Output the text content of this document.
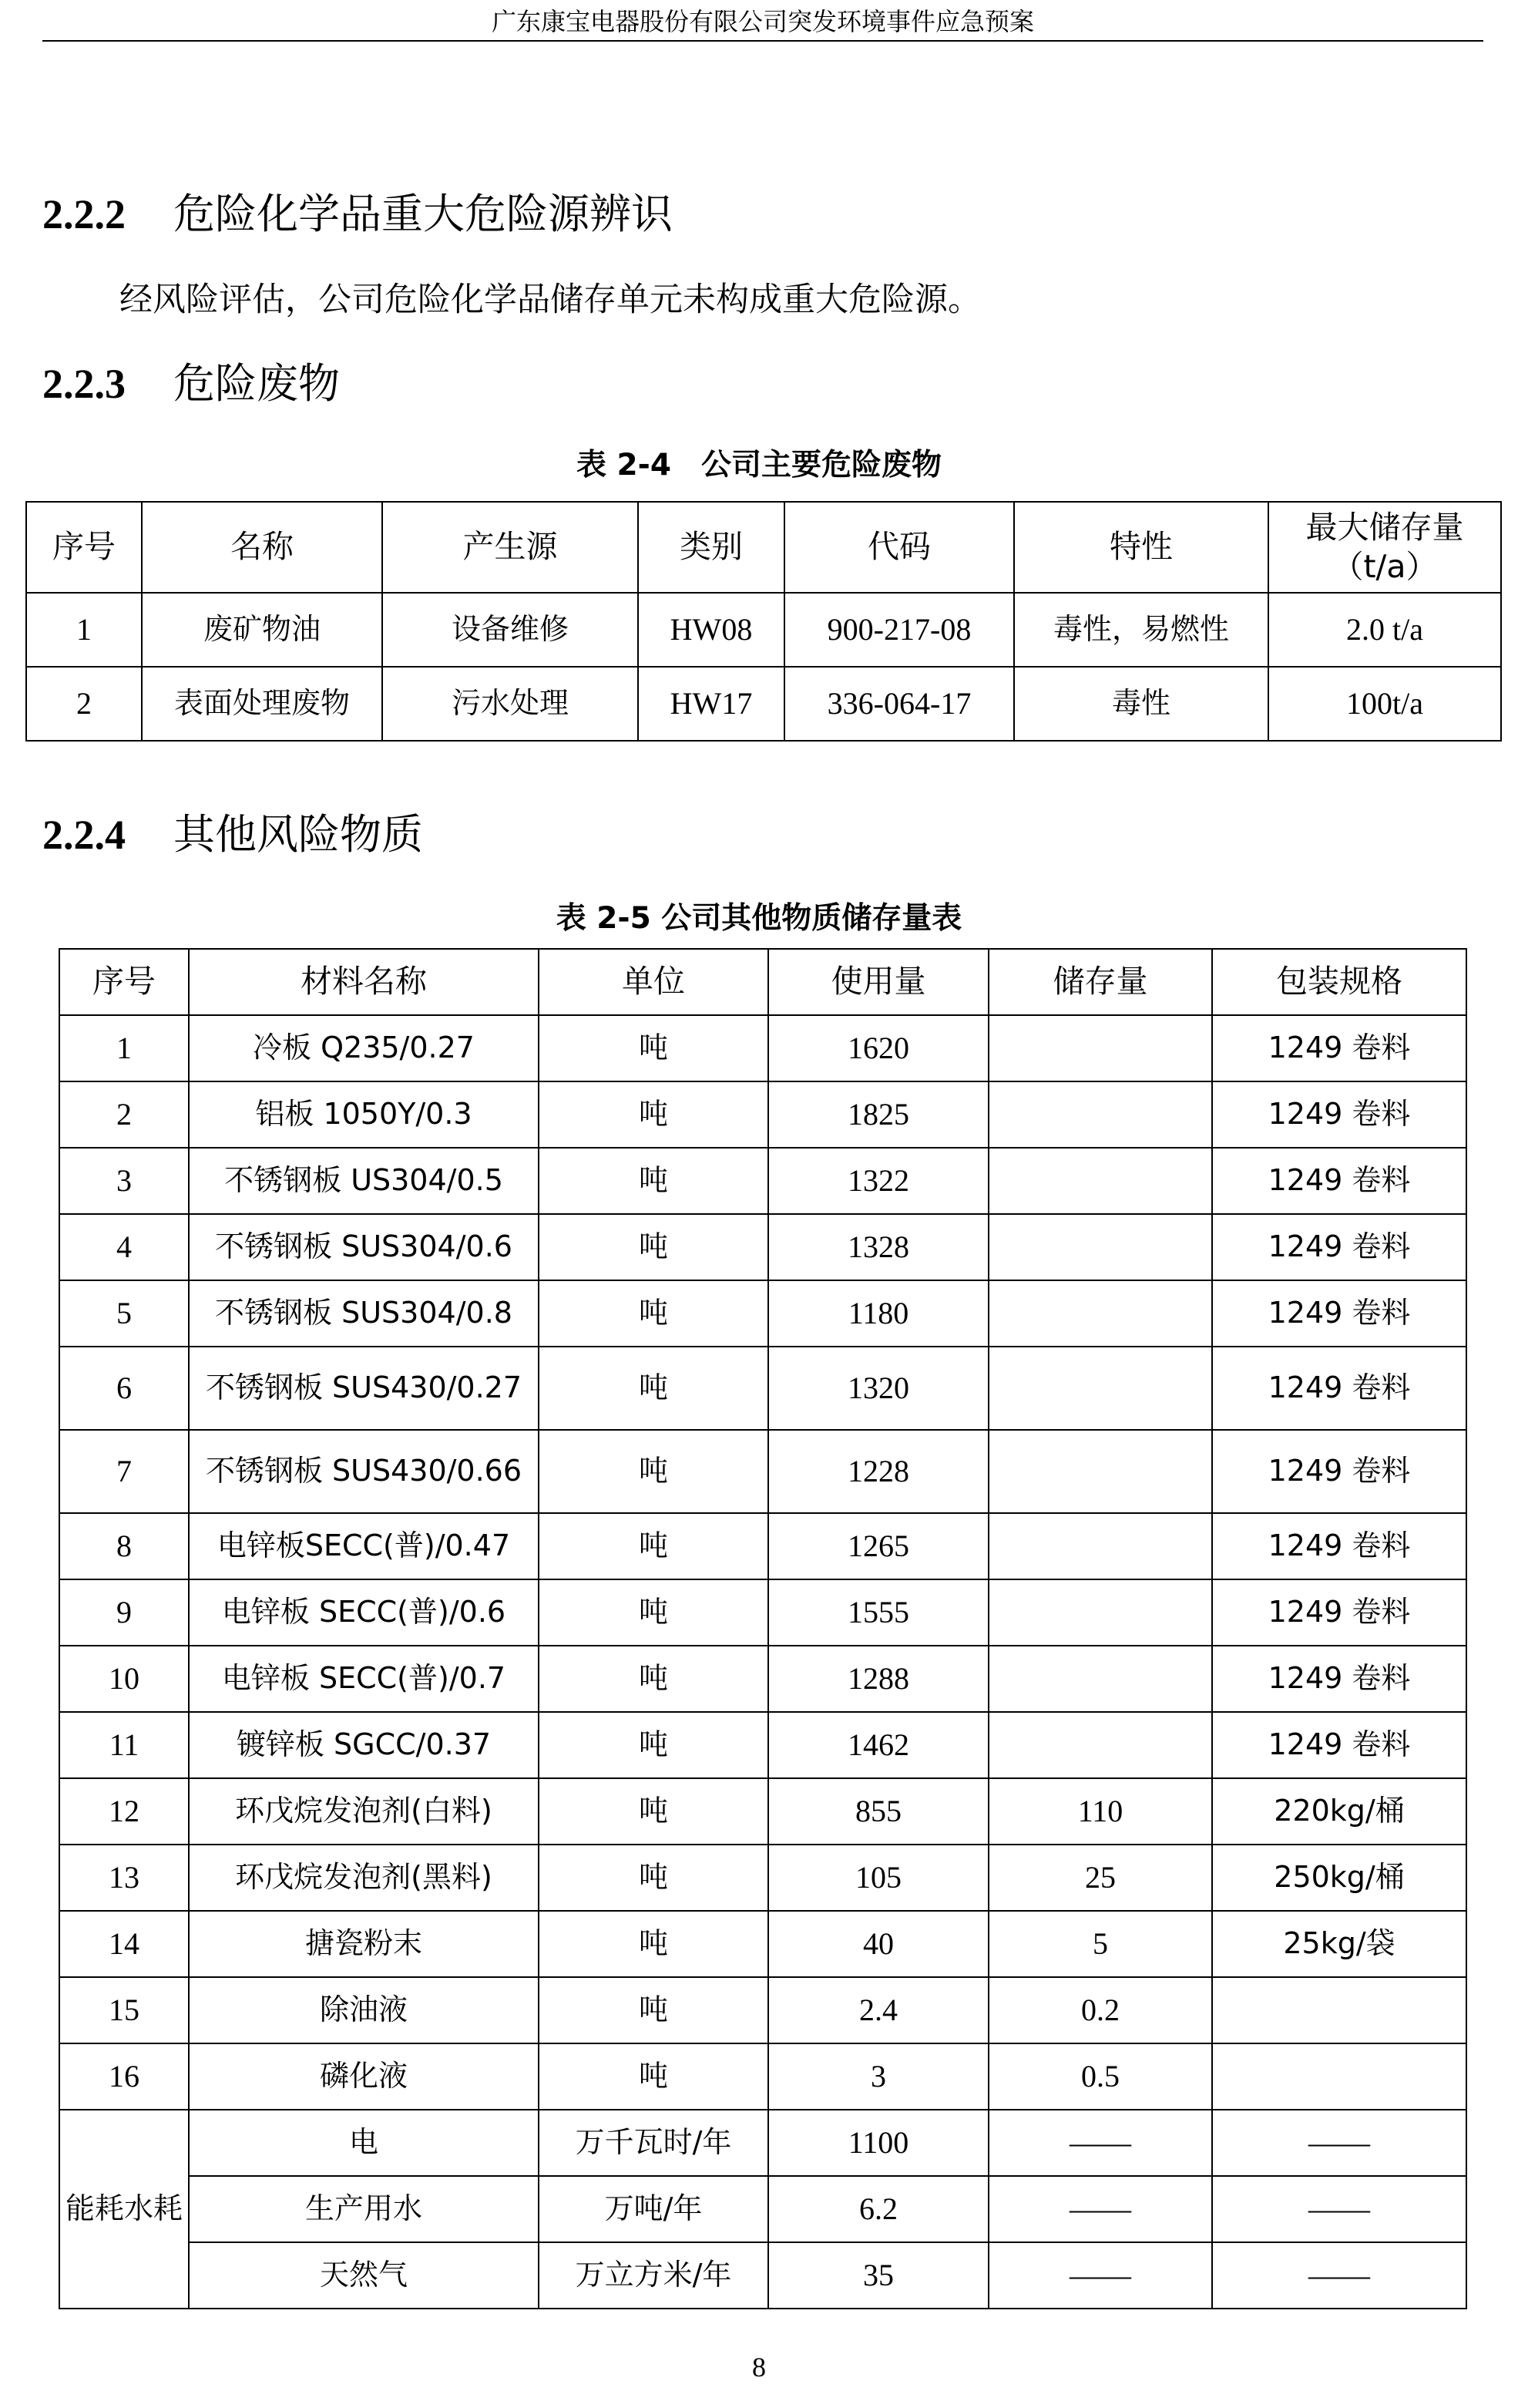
广东康宝电器股份有限公司突发环境事件应急预案
2.2.2 危险化学品重大危险源辨识
经风险评估，公司危险化学品储存单元未构成重大危险源。
2.2.3 危险废物
表 2-4　公司主要危险废物
序号	名称	产生源	类别	代码	特性	最大储存量（t/a）
1	废矿物油	设备维修	HW08	900-217-08	毒性，易燃性	2.0 t/a
2	表面处理废物	污水处理	HW17	336-064-17	毒性	100t/a
2.2.4 其他风险物质
表 2-5 公司其他物质储存量表
序号	材料名称	单位	使用量	储存量	包装规格
1	冷板 Q235/0.27	吨	1620		1249 卷料
2	铝板 1050Y/0.3	吨	1825		1249 卷料
3	不锈钢板 US304/0.5	吨	1322		1249 卷料
4	不锈钢板 SUS304/0.6	吨	1328		1249 卷料
5	不锈钢板 SUS304/0.8	吨	1180		1249 卷料
6	不锈钢板 SUS430/0.27	吨	1320		1249 卷料
7	不锈钢板 SUS430/0.66	吨	1228		1249 卷料
8	电锌板SECC(普)/0.47	吨	1265		1249 卷料
9	电锌板 SECC(普)/0.6	吨	1555		1249 卷料
10	电锌板 SECC(普)/0.7	吨	1288		1249 卷料
11	镀锌板 SGCC/0.37	吨	1462		1249 卷料
12	环戊烷发泡剂(白料)	吨	855	110	220kg/桶
13	环戊烷发泡剂(黑料)	吨	105	25	250kg/桶
14	搪瓷粉末	吨	40	5	25kg/袋
15	除油液	吨	2.4	0.2	
16	磷化液	吨	3	0.5	
能耗水耗	电	万千瓦时/年	1100	——	——
	生产用水	万吨/年	6.2	——	——
	天然气	万立方米/年	35	——	——
8
